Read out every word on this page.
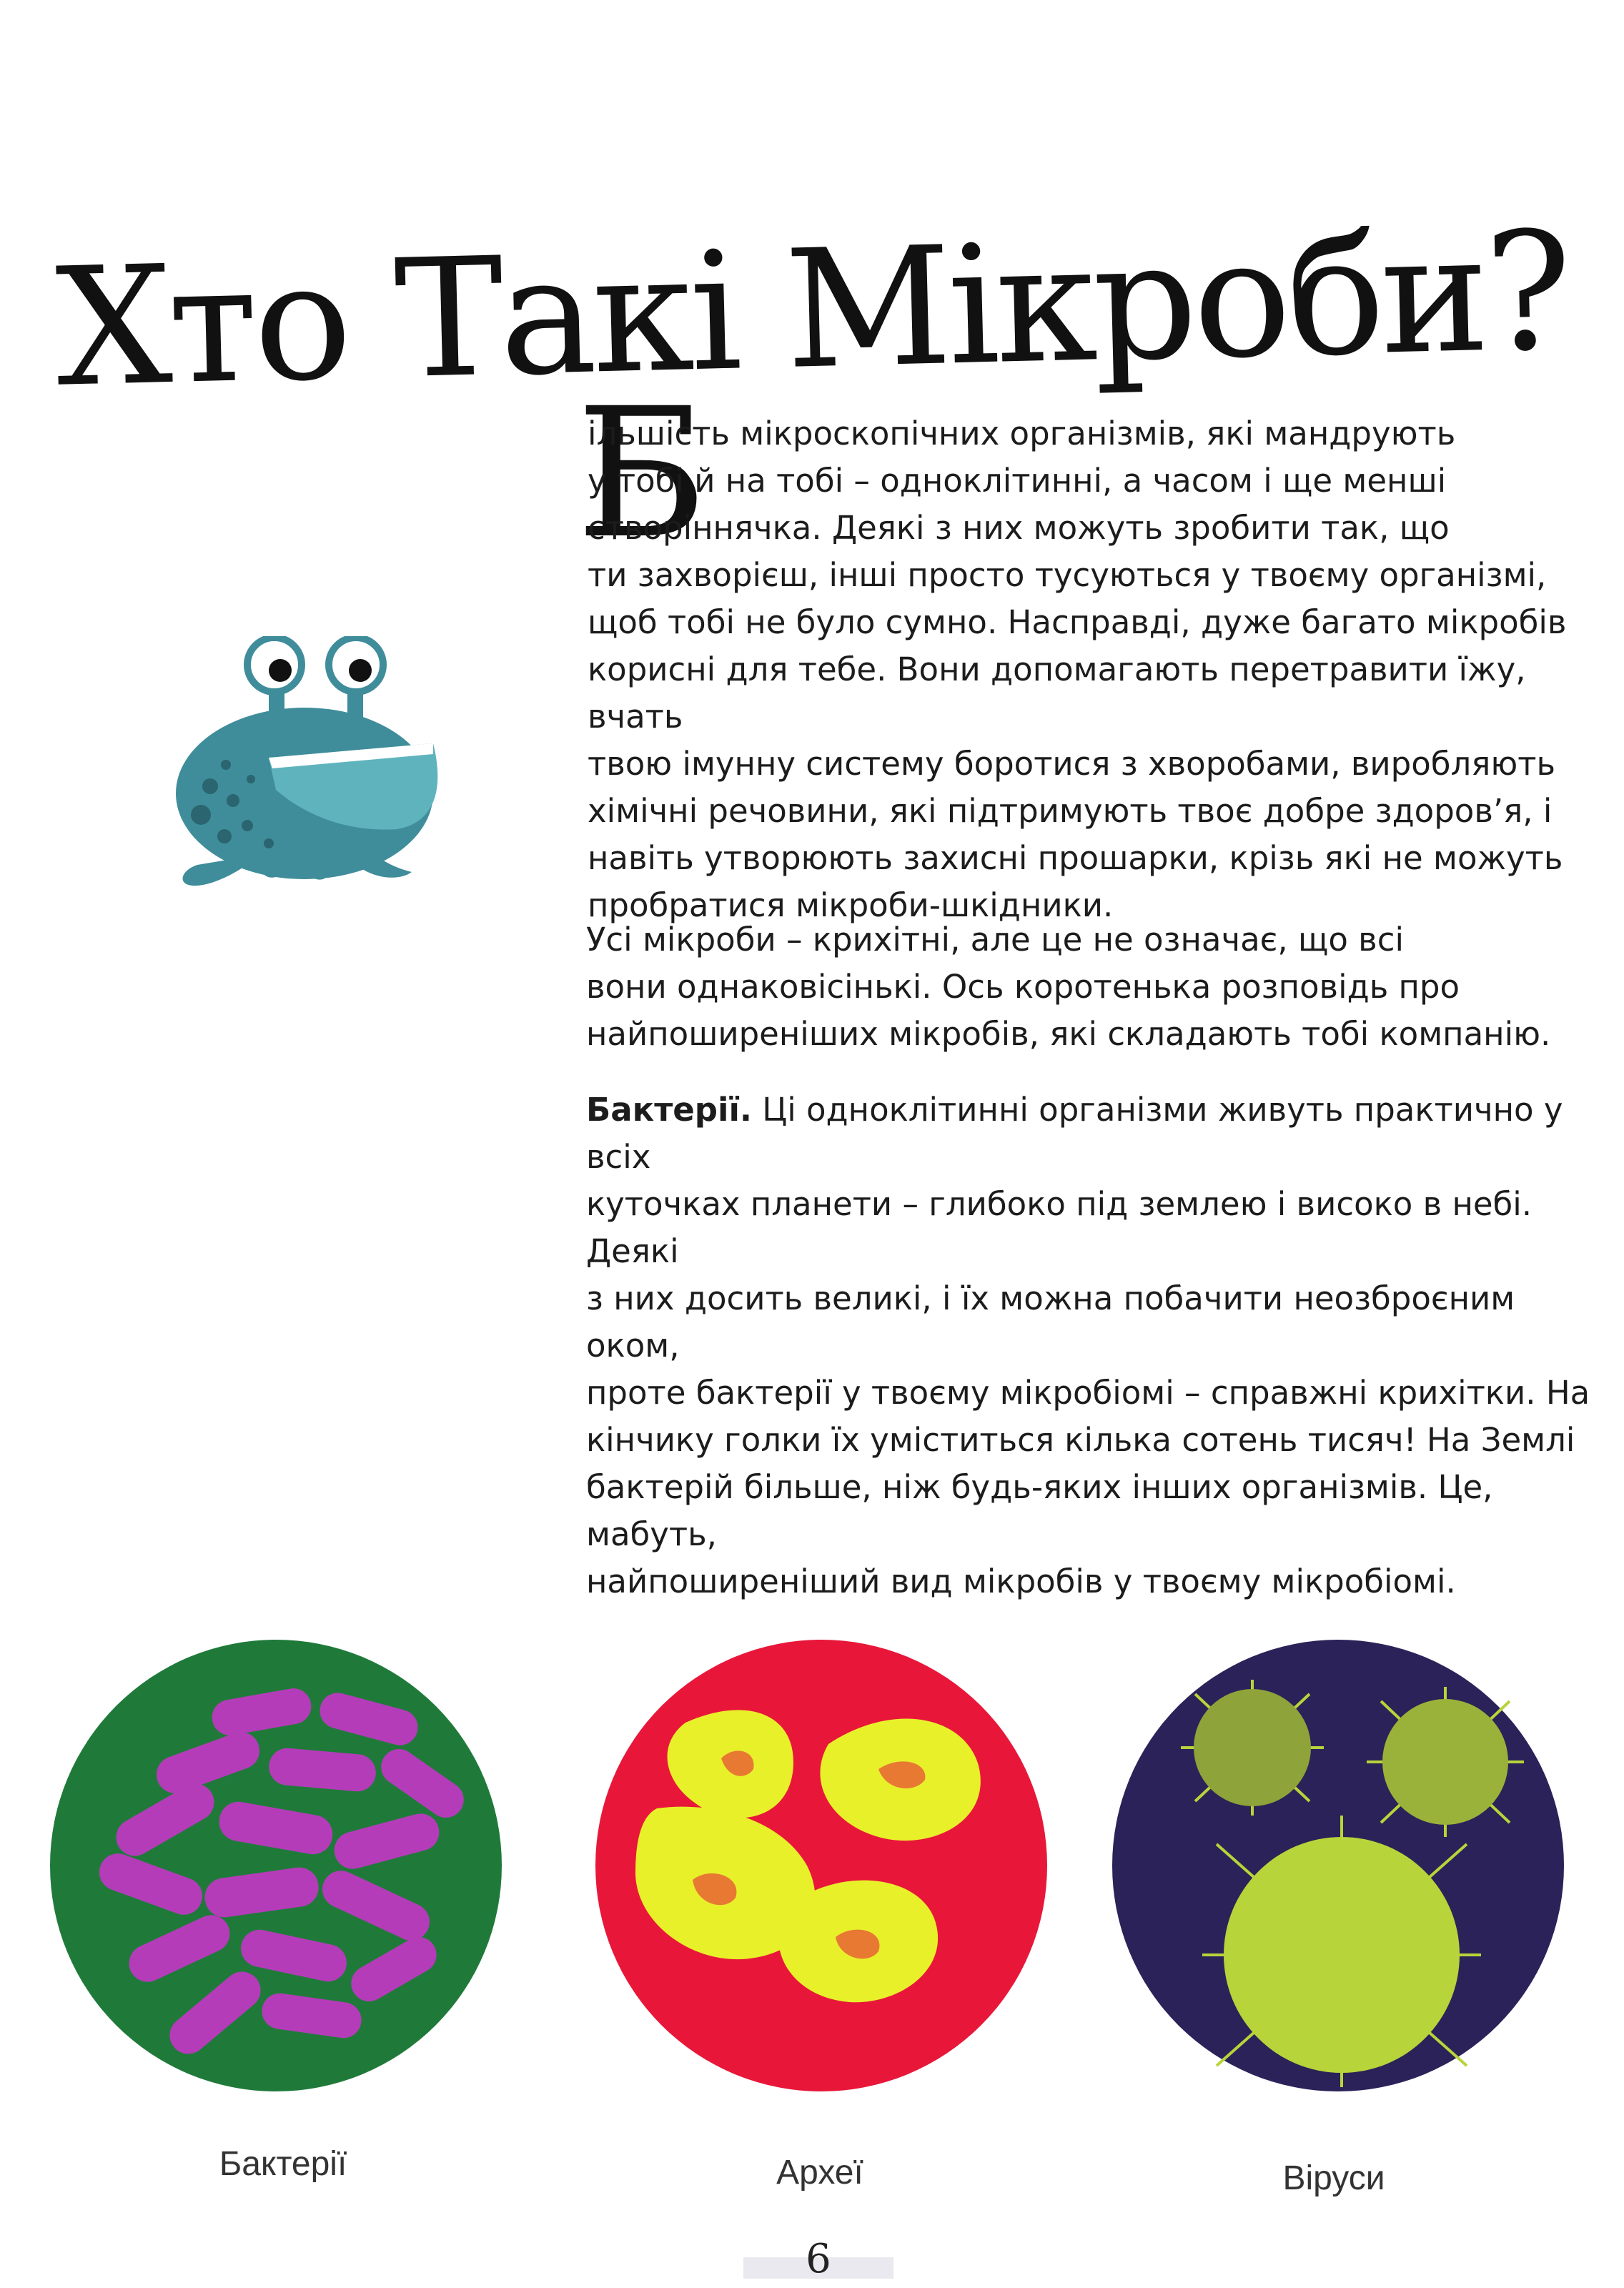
Хто Такі Мікроби?
Б

ільшість мікроскопічних організмів, які мандрують
у тобі й на тобі – одноклітинні, а часом і ще менші
створіннячка. Деякі з них можуть зробити так, що
ти захворієш, інші просто тусуються у твоєму організмі,
щоб тобі не було сумно. Насправді, дуже багато мікробів
корисні для тебе. Вони допомагають перетравити їжу, вчать
твою імунну систему боротися з хворобами, виробляють
хімічні речовини, які підтримують твоє добре здоров’я, і
навіть утворюють захисні прошарки, крізь які не можуть
пробратися мікроби-шкідники.

Усі мікроби – крихітні, але це не означає, що всі
вони однаковісінькі. Ось коротенька розповідь про
найпоширеніших мікробів, які складають тобі компанію.

Бактерії. Ці одноклітинні організми живуть практично у всіх
куточках планети – глибоко під землею і високо в небі. Деякі
з них досить великі, і їх можна побачити неозброєним оком,
проте бактерії у твоєму мікробіомі – справжні крихітки. На
кінчику голки їх уміститься кілька сотень тисяч! На Землі
бактерій більше, ніж будь-яких інших організмів. Це, мабуть,
найпоширеніший вид мікробів у твоєму мікробіомі.

Бактерії	Археї	Віруси
6
